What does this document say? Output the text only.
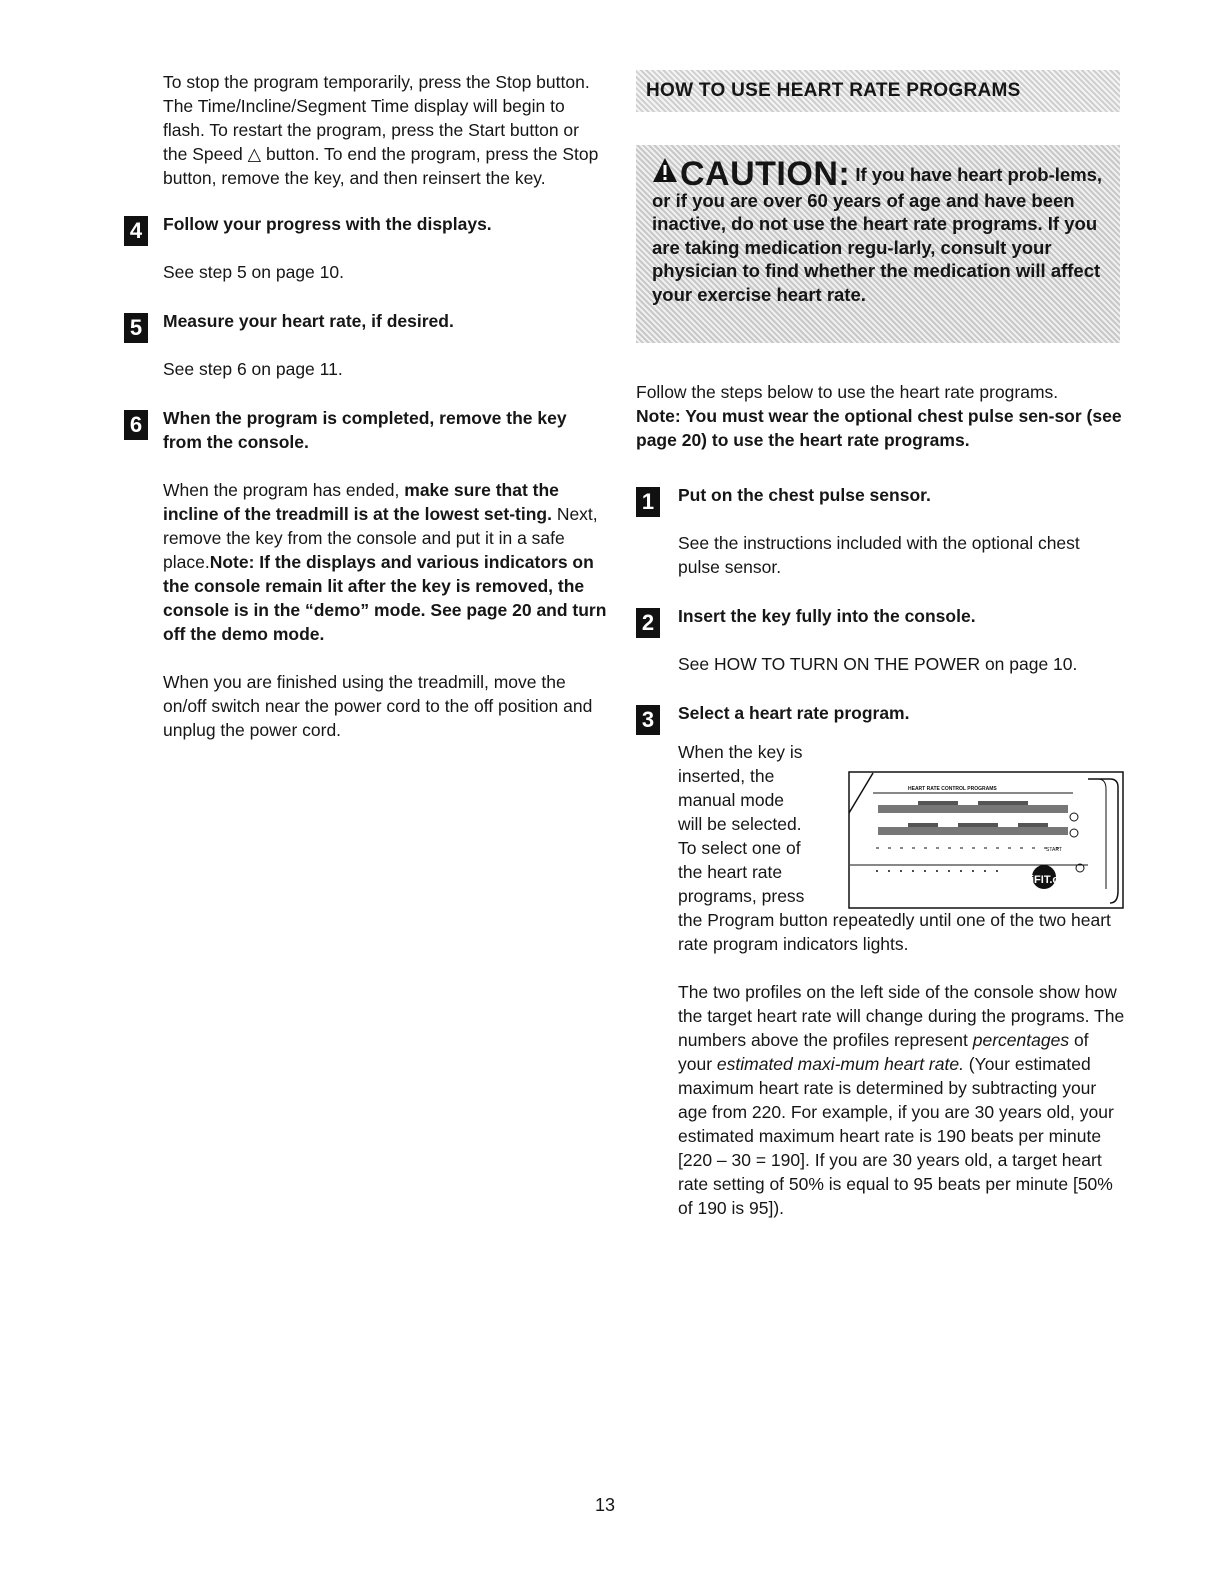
To stop the program temporarily, press the Stop button. The Time/Incline/Segment Time display will begin to flash. To restart the program, press the Start button or the Speed △ button. To end the program, press the Stop button, remove the key, and then reinsert the key.

4	Follow your progress with the displays.

See step 5 on page 10.

5	Measure your heart rate, if desired.

See step 6 on page 11.

6	When the program is completed, remove the key from the console.

When the program has ended, make sure that the incline of the treadmill is at the lowest set-ting. Next, remove the key from the console and put it in a safe place.Note: If the displays and various indicators on the console remain lit after the key is removed, the console is in the “demo” mode. See page 20 and turn off the demo mode.

When you are finished using the treadmill, move the on/off switch near the power cord to the off position and unplug the power cord.

HOW TO USE HEART RATE PROGRAMS
CAUTION: If you have heart prob-lems, or if you are over 60 years of age and have been inactive, do not use the heart rate programs. If you are taking medication regu-larly, consult your physician to find whether the medication will affect your exercise heart rate.

Follow the steps below to use the heart rate programs.

Note: You must wear the optional chest pulse sen-sor (see page 20) to use the heart rate programs.

1	Put on the chest pulse sensor.

See the instructions included with the optional chest pulse sensor.

2	Insert the key fully into the console.

See HOW TO TURN ON THE POWER on page 10.

3	Select a heart rate program.

When the key is
inserted, the
manual mode
will be selected.
To select one of
the heart rate
programs, press

the Program button repeatedly until one of the two heart rate program indicators lights.

The two profiles on the left side of the console show how the target heart rate will change during the programs. The numbers above the profiles represent percentages of your estimated maxi-mum heart rate. (Your estimated maximum heart rate is determined by subtracting your age from 220. For example, if you are 30 years old, your estimated maximum heart rate is 190 beats per minute [220 – 30 = 190]. If you are 30 years old, a target heart rate setting of 50% is equal to 95 beats per minute [50% of 190 is 95]).

HEART RATE CONTROL PROGRAMS
START
iFIT.com
13
